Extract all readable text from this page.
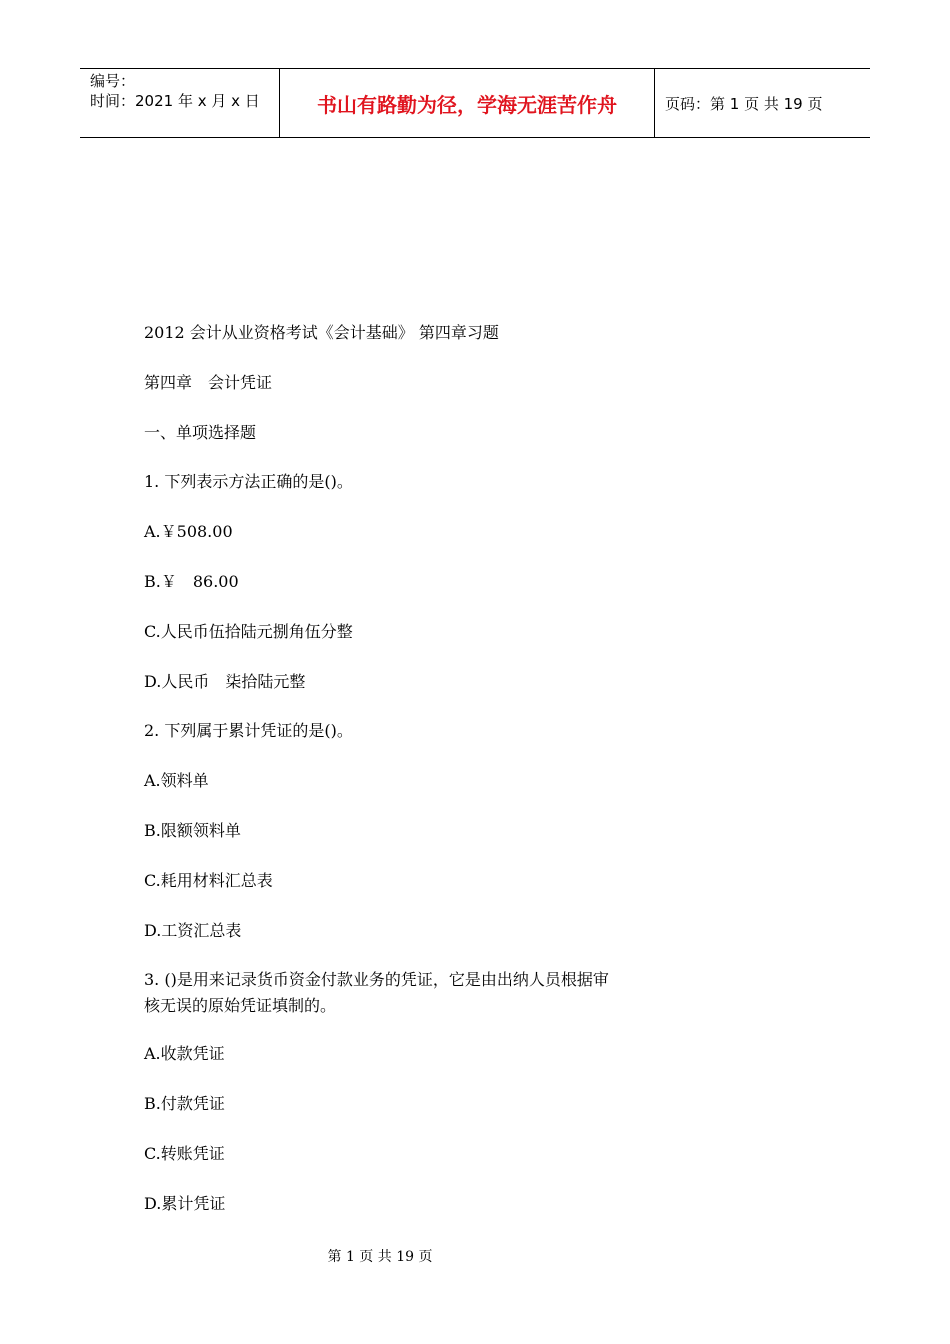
编号：
时间：2021 年 x 月 x 日	书山有路勤为径，学海无涯苦作舟	页码：第 1 页 共 19 页
2012 会计从业资格考试《会计基础》 第四章习题
第四章　会计凭证
一、单项选择题
1. 下列表示方法正确的是()。
A.￥508.00
B.￥　86.00
C.人民币伍拾陆元捌角伍分整
D.人民币　柒拾陆元整
2. 下列属于累计凭证的是()。
A.领料单
B.限额领料单
C.耗用材料汇总表
D.工资汇总表
3. ()是用来记录货币资金付款业务的凭证，它是由出纳人员根据审
核无误的原始凭证填制的。
A.收款凭证
B.付款凭证
C.转账凭证
D.累计凭证
第 1 页 共 19 页
